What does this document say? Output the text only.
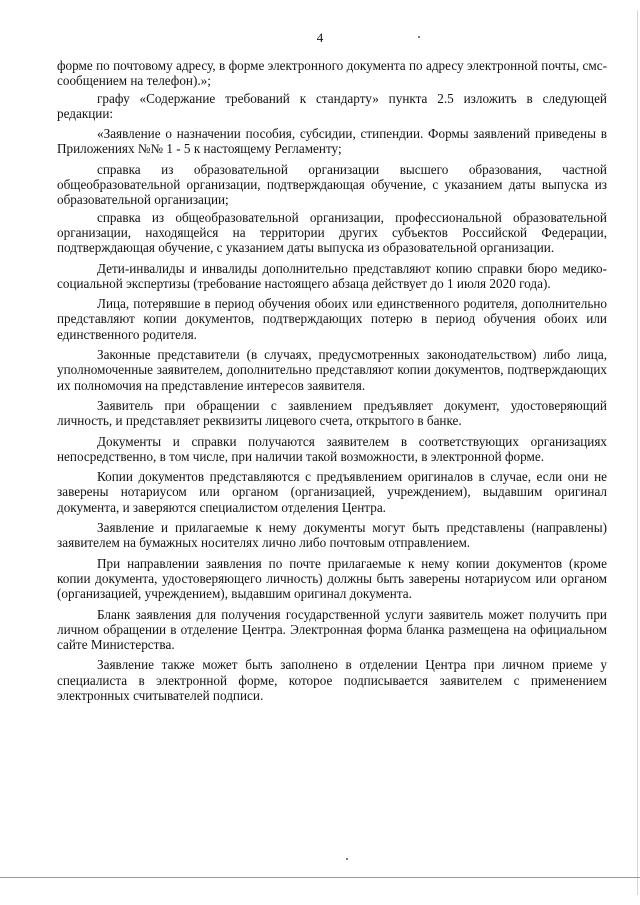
4

форме по почтовому адресу, в форме электронного документа по адресу электронной почты, смс-сообщением на телефон).»;

графу «Содержание требований к стандарту» пункта 2.5 изложить в следующей редакции:

«Заявление о назначении пособия, субсидии, стипендии. Формы заявлений приведены в Приложениях №№ 1 - 5 к настоящему Регламенту;

справка из образовательной организации высшего образования, частной общеобразовательной организации, подтверждающая обучение, с указанием даты выпуска из образовательной организации;

справка из общеобразовательной организации, профессиональной образовательной организации, находящейся на территории других субъектов Российской Федерации, подтверждающая обучение, с указанием даты выпуска из образовательной организации.

Дети-инвалиды и инвалиды дополнительно представляют копию справки бюро медико-социальной экспертизы (требование настоящего абзаца действует до 1 июля 2020 года).

Лица, потерявшие в период обучения обоих или единственного родителя, дополнительно представляют копии документов, подтверждающих потерю в период обучения обоих или единственного родителя.

Законные представители (в случаях, предусмотренных законодательством) либо лица, уполномоченные заявителем, дополнительно представляют копии документов, подтверждающих их полномочия на представление интересов заявителя.

Заявитель при обращении с заявлением предъявляет документ, удостоверяющий личность, и представляет реквизиты лицевого счета, открытого в банке.

Документы и справки получаются заявителем в соответствующих организациях непосредственно, в том числе, при наличии такой возможности, в электронной форме.

Копии документов представляются с предъявлением оригиналов в случае, если они не заверены нотариусом или органом (организацией, учреждением), выдавшим оригинал документа, и заверяются специалистом отделения Центра.

Заявление и прилагаемые к нему документы могут быть представлены (направлены) заявителем на бумажных носителях лично либо почтовым отправлением.

При направлении заявления по почте прилагаемые к нему копии документов (кроме копии документа, удостоверяющего личность) должны быть заверены нотариусом или органом (организацией, учреждением), выдавшим оригинал документа.

Бланк заявления для получения государственной услуги заявитель может получить при личном обращении в отделение Центра. Электронная форма бланка размещена на официальном сайте Министерства.

Заявление также может быть заполнено в отделении Центра при личном приеме у специалиста в электронной форме, которое подписывается заявителем с применением электронных считывателей подписи.
